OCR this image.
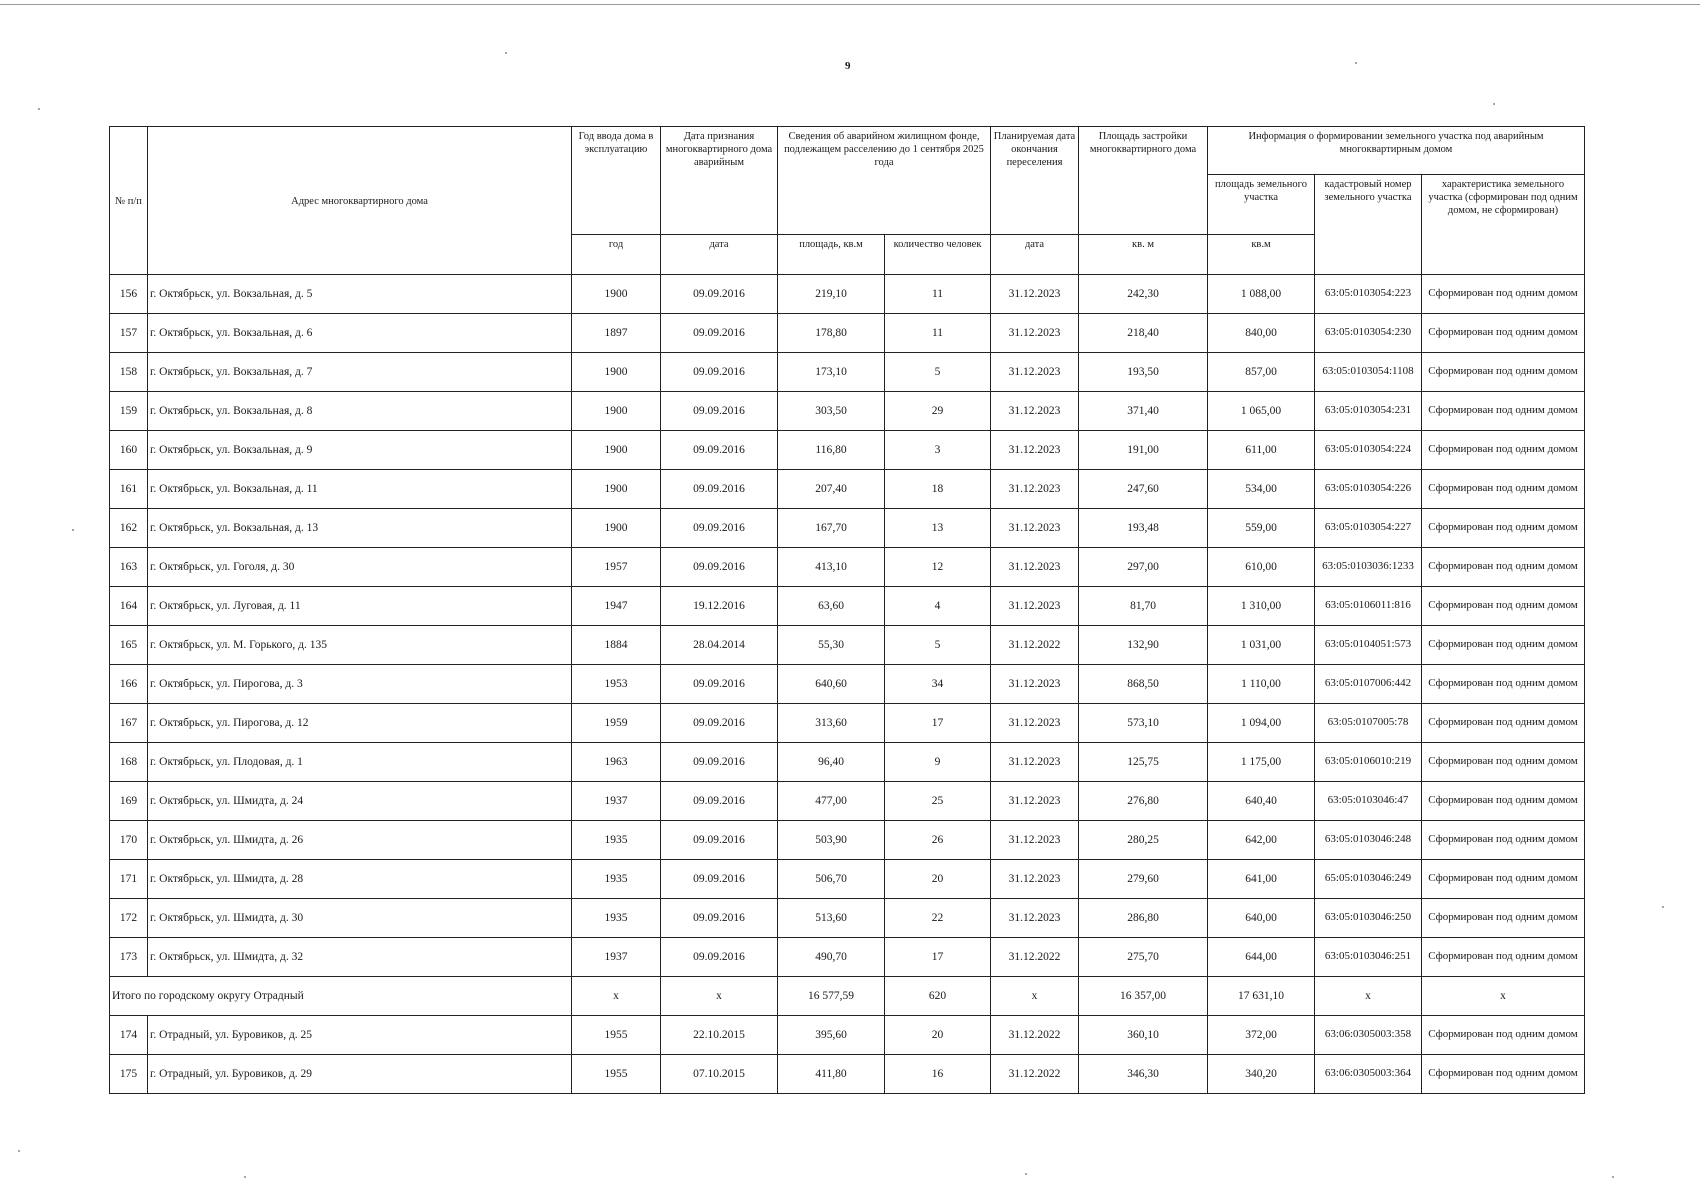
9
№ п/п	Адрес многоквартирного дома	Год ввода дома в эксплуатацию	Дата признания многоквартирного дома аварийным	Сведения об аварийном жилищном фонде, подлежащем расселению до 1 сентября 2025 года		Планируемая дата окончания переселения	Площадь застройки многоквартирного дома	Информация о формировании земельного участка под аварийным многоквартирным домом		
								площадь земельного участка	кадастровый номер земельного участка	характеристика земельного участка (сформирован под одним домом, не сформирован)
		год	дата	площадь, кв.м	количество человек	дата	кв. м	кв.м		
156	г. Октябрьск, ул. Вокзальная, д. 5	1900	09.09.2016	219,10	11	31.12.2023	242,30	1 088,00	63:05:0103054:223	Сформирован под одним домом
157	г. Октябрьск, ул. Вокзальная, д. 6	1897	09.09.2016	178,80	11	31.12.2023	218,40	840,00	63:05:0103054:230	Сформирован под одним домом
158	г. Октябрьск, ул. Вокзальная, д. 7	1900	09.09.2016	173,10	5	31.12.2023	193,50	857,00	63:05:0103054:1108	Сформирован под одним домом
159	г. Октябрьск, ул. Вокзальная, д. 8	1900	09.09.2016	303,50	29	31.12.2023	371,40	1 065,00	63:05:0103054:231	Сформирован под одним домом
160	г. Октябрьск, ул. Вокзальная, д. 9	1900	09.09.2016	116,80	3	31.12.2023	191,00	611,00	63:05:0103054:224	Сформирован под одним домом
161	г. Октябрьск, ул. Вокзальная, д. 11	1900	09.09.2016	207,40	18	31.12.2023	247,60	534,00	63:05:0103054:226	Сформирован под одним домом
162	г. Октябрьск, ул. Вокзальная, д. 13	1900	09.09.2016	167,70	13	31.12.2023	193,48	559,00	63:05:0103054:227	Сформирован под одним домом
163	г. Октябрьск, ул. Гоголя, д. 30	1957	09.09.2016	413,10	12	31.12.2023	297,00	610,00	63:05:0103036:1233	Сформирован под одним домом
164	г. Октябрьск, ул. Луговая, д. 11	1947	19.12.2016	63,60	4	31.12.2023	81,70	1 310,00	63:05:0106011:816	Сформирован под одним домом
165	г. Октябрьск, ул. М. Горького, д. 135	1884	28.04.2014	55,30	5	31.12.2022	132,90	1 031,00	63:05:0104051:573	Сформирован под одним домом
166	г. Октябрьск, ул. Пирогова, д. 3	1953	09.09.2016	640,60	34	31.12.2023	868,50	1 110,00	63:05:0107006:442	Сформирован под одним домом
167	г. Октябрьск, ул. Пирогова, д. 12	1959	09.09.2016	313,60	17	31.12.2023	573,10	1 094,00	63:05:0107005:78	Сформирован под одним домом
168	г. Октябрьск, ул. Плодовая, д. 1	1963	09.09.2016	96,40	9	31.12.2023	125,75	1 175,00	63:05:0106010:219	Сформирован под одним домом
169	г. Октябрьск, ул. Шмидта, д. 24	1937	09.09.2016	477,00	25	31.12.2023	276,80	640,40	63:05:0103046:47	Сформирован под одним домом
170	г. Октябрьск, ул. Шмидта, д. 26	1935	09.09.2016	503,90	26	31.12.2023	280,25	642,00	63:05:0103046:248	Сформирован под одним домом
171	г. Октябрьск, ул. Шмидта, д. 28	1935	09.09.2016	506,70	20	31.12.2023	279,60	641,00	65:05:0103046:249	Сформирован под одним домом
172	г. Октябрьск, ул. Шмидта, д. 30	1935	09.09.2016	513,60	22	31.12.2023	286,80	640,00	63:05:0103046:250	Сформирован под одним домом
173	г. Октябрьск, ул. Шмидта, д. 32	1937	09.09.2016	490,70	17	31.12.2022	275,70	644,00	63:05:0103046:251	Сформирован под одним домом
Итого по городскому округу Отрадный		х	х	16 577,59	620	х	16 357,00	17 631,10	х	х
174	г. Отрадный, ул. Буровиков, д. 25	1955	22.10.2015	395,60	20	31.12.2022	360,10	372,00	63:06:0305003:358	Сформирован под одним домом
175	г. Отрадный, ул. Буровиков, д. 29	1955	07.10.2015	411,80	16	31.12.2022	346,30	340,20	63:06:0305003:364	Сформирован под одним домом
